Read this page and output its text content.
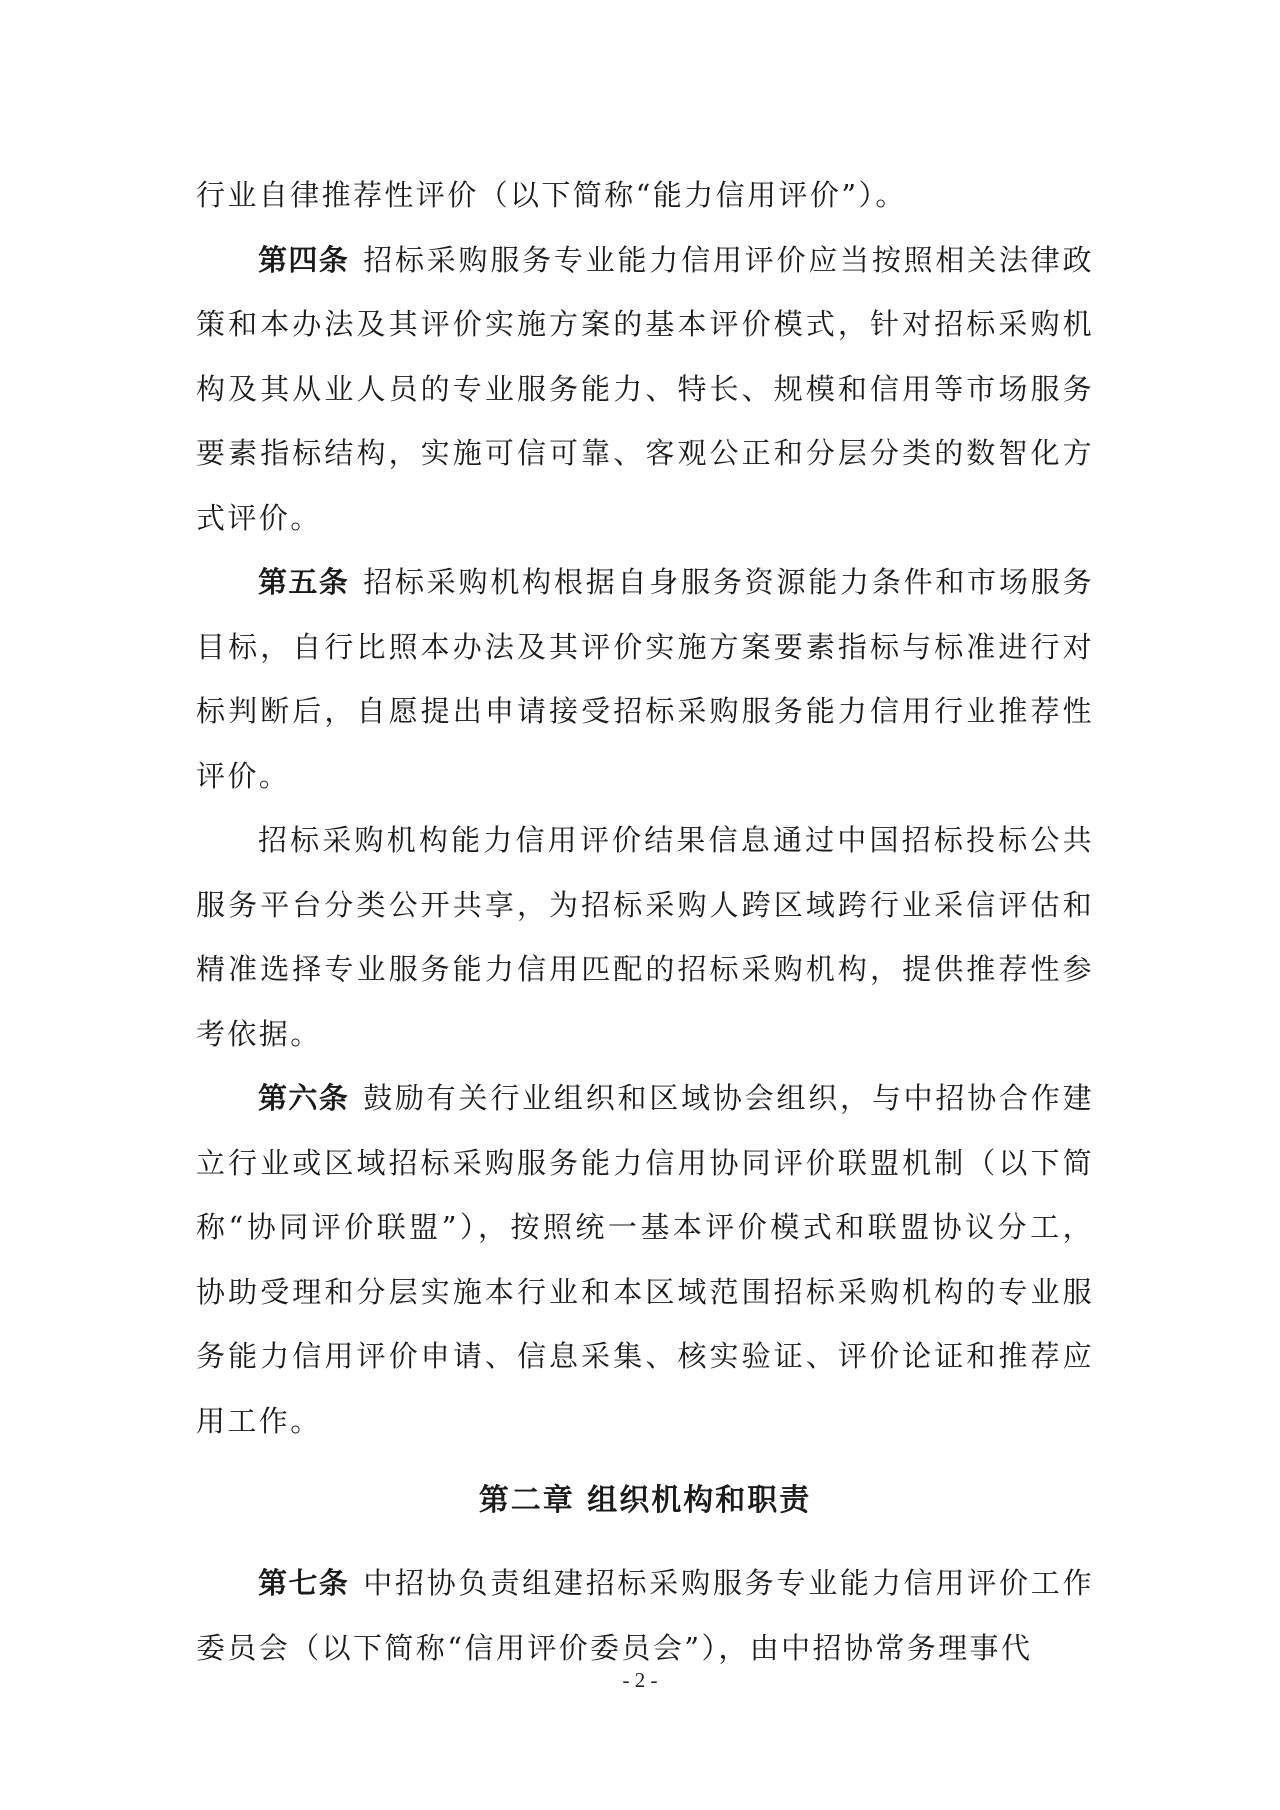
行业自律推荐性评价（以下简称“能力信用评价”）。

第四条 招标采购服务专业能力信用评价应当按照相关法律政策和本办法及其评价实施方案的基本评价模式，针对招标采购机构及其从业人员的专业服务能力、特长、规模和信用等市场服务要素指标结构，实施可信可靠、客观公正和分层分类的数智化方式评价。

第五条 招标采购机构根据自身服务资源能力条件和市场服务目标，自行比照本办法及其评价实施方案要素指标与标准进行对标判断后，自愿提出申请接受招标采购服务能力信用行业推荐性评价。

招标采购机构能力信用评价结果信息通过中国招标投标公共服务平台分类公开共享，为招标采购人跨区域跨行业采信评估和精准选择专业服务能力信用匹配的招标采购机构，提供推荐性参考依据。

第六条 鼓励有关行业组织和区域协会组织，与中招协合作建立行业或区域招标采购服务能力信用协同评价联盟机制（以下简称“协同评价联盟”），按照统一基本评价模式和联盟协议分工，协助受理和分层实施本行业和本区域范围招标采购机构的专业服务能力信用评价申请、信息采集、核实验证、评价论证和推荐应用工作。

第二章 组织机构和职责

第七条 中招协负责组建招标采购服务专业能力信用评价工作委员会（以下简称“信用评价委员会”），由中招协常务理事代

- 2 -
